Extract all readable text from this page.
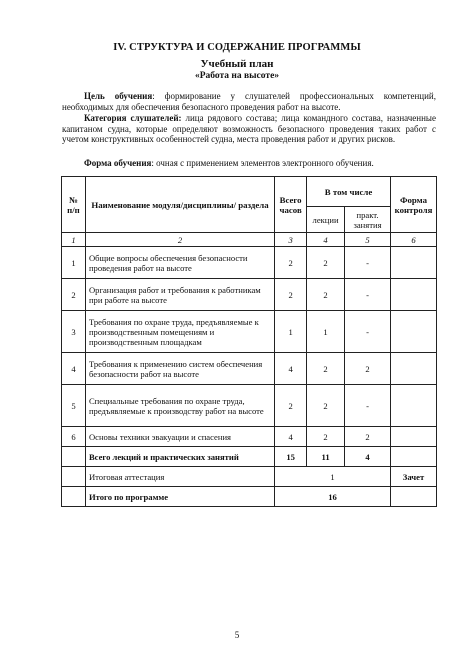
IV. СТРУКТУРА И СОДЕРЖАНИЕ ПРОГРАММЫ
Учебный план
«Работа на высоте»
Цель обучения: формирование у слушателей профессиональных компетенций, необходимых для обеспечения безопасного проведения работ на высоте.
Категория слушателей: лица рядового состава; лица командного состава, назначенные капитаном судна, которые определяют возможность безопасного проведения таких работ с учетом конструктивных особенностей судна, места проведения работ и других рисков.
Форма обучения: очная с применением элементов электронного обучения.
№ п/п	Наименование модуля/дисциплины/ раздела	Всего часов	В том числе		Форма контроля
			лекции	практ. занятия	
1	2	3	4	5	6
1	Общие вопросы обеспечения безопасности проведения работ на высоте	2	2	-	
2	Организация работ и требования к работникам при работе на высоте	2	2	-	
3	Требования по охране труда, предъявляемые к производственным помещениям и производственным площадкам	1	1	-	
4	Требования к применению систем обеспечения безопасности работ на высоте	4	2	2	
5	Специальные требования по охране труда, предъявляемые к производству работ на высоте	2	2	-	
6	Основы техники эвакуации и спасения	4	2	2	
	Всего лекций и практических занятий	15	11	4	
	Итоговая аттестация	1			Зачет
	Итого по программе	16			
5
